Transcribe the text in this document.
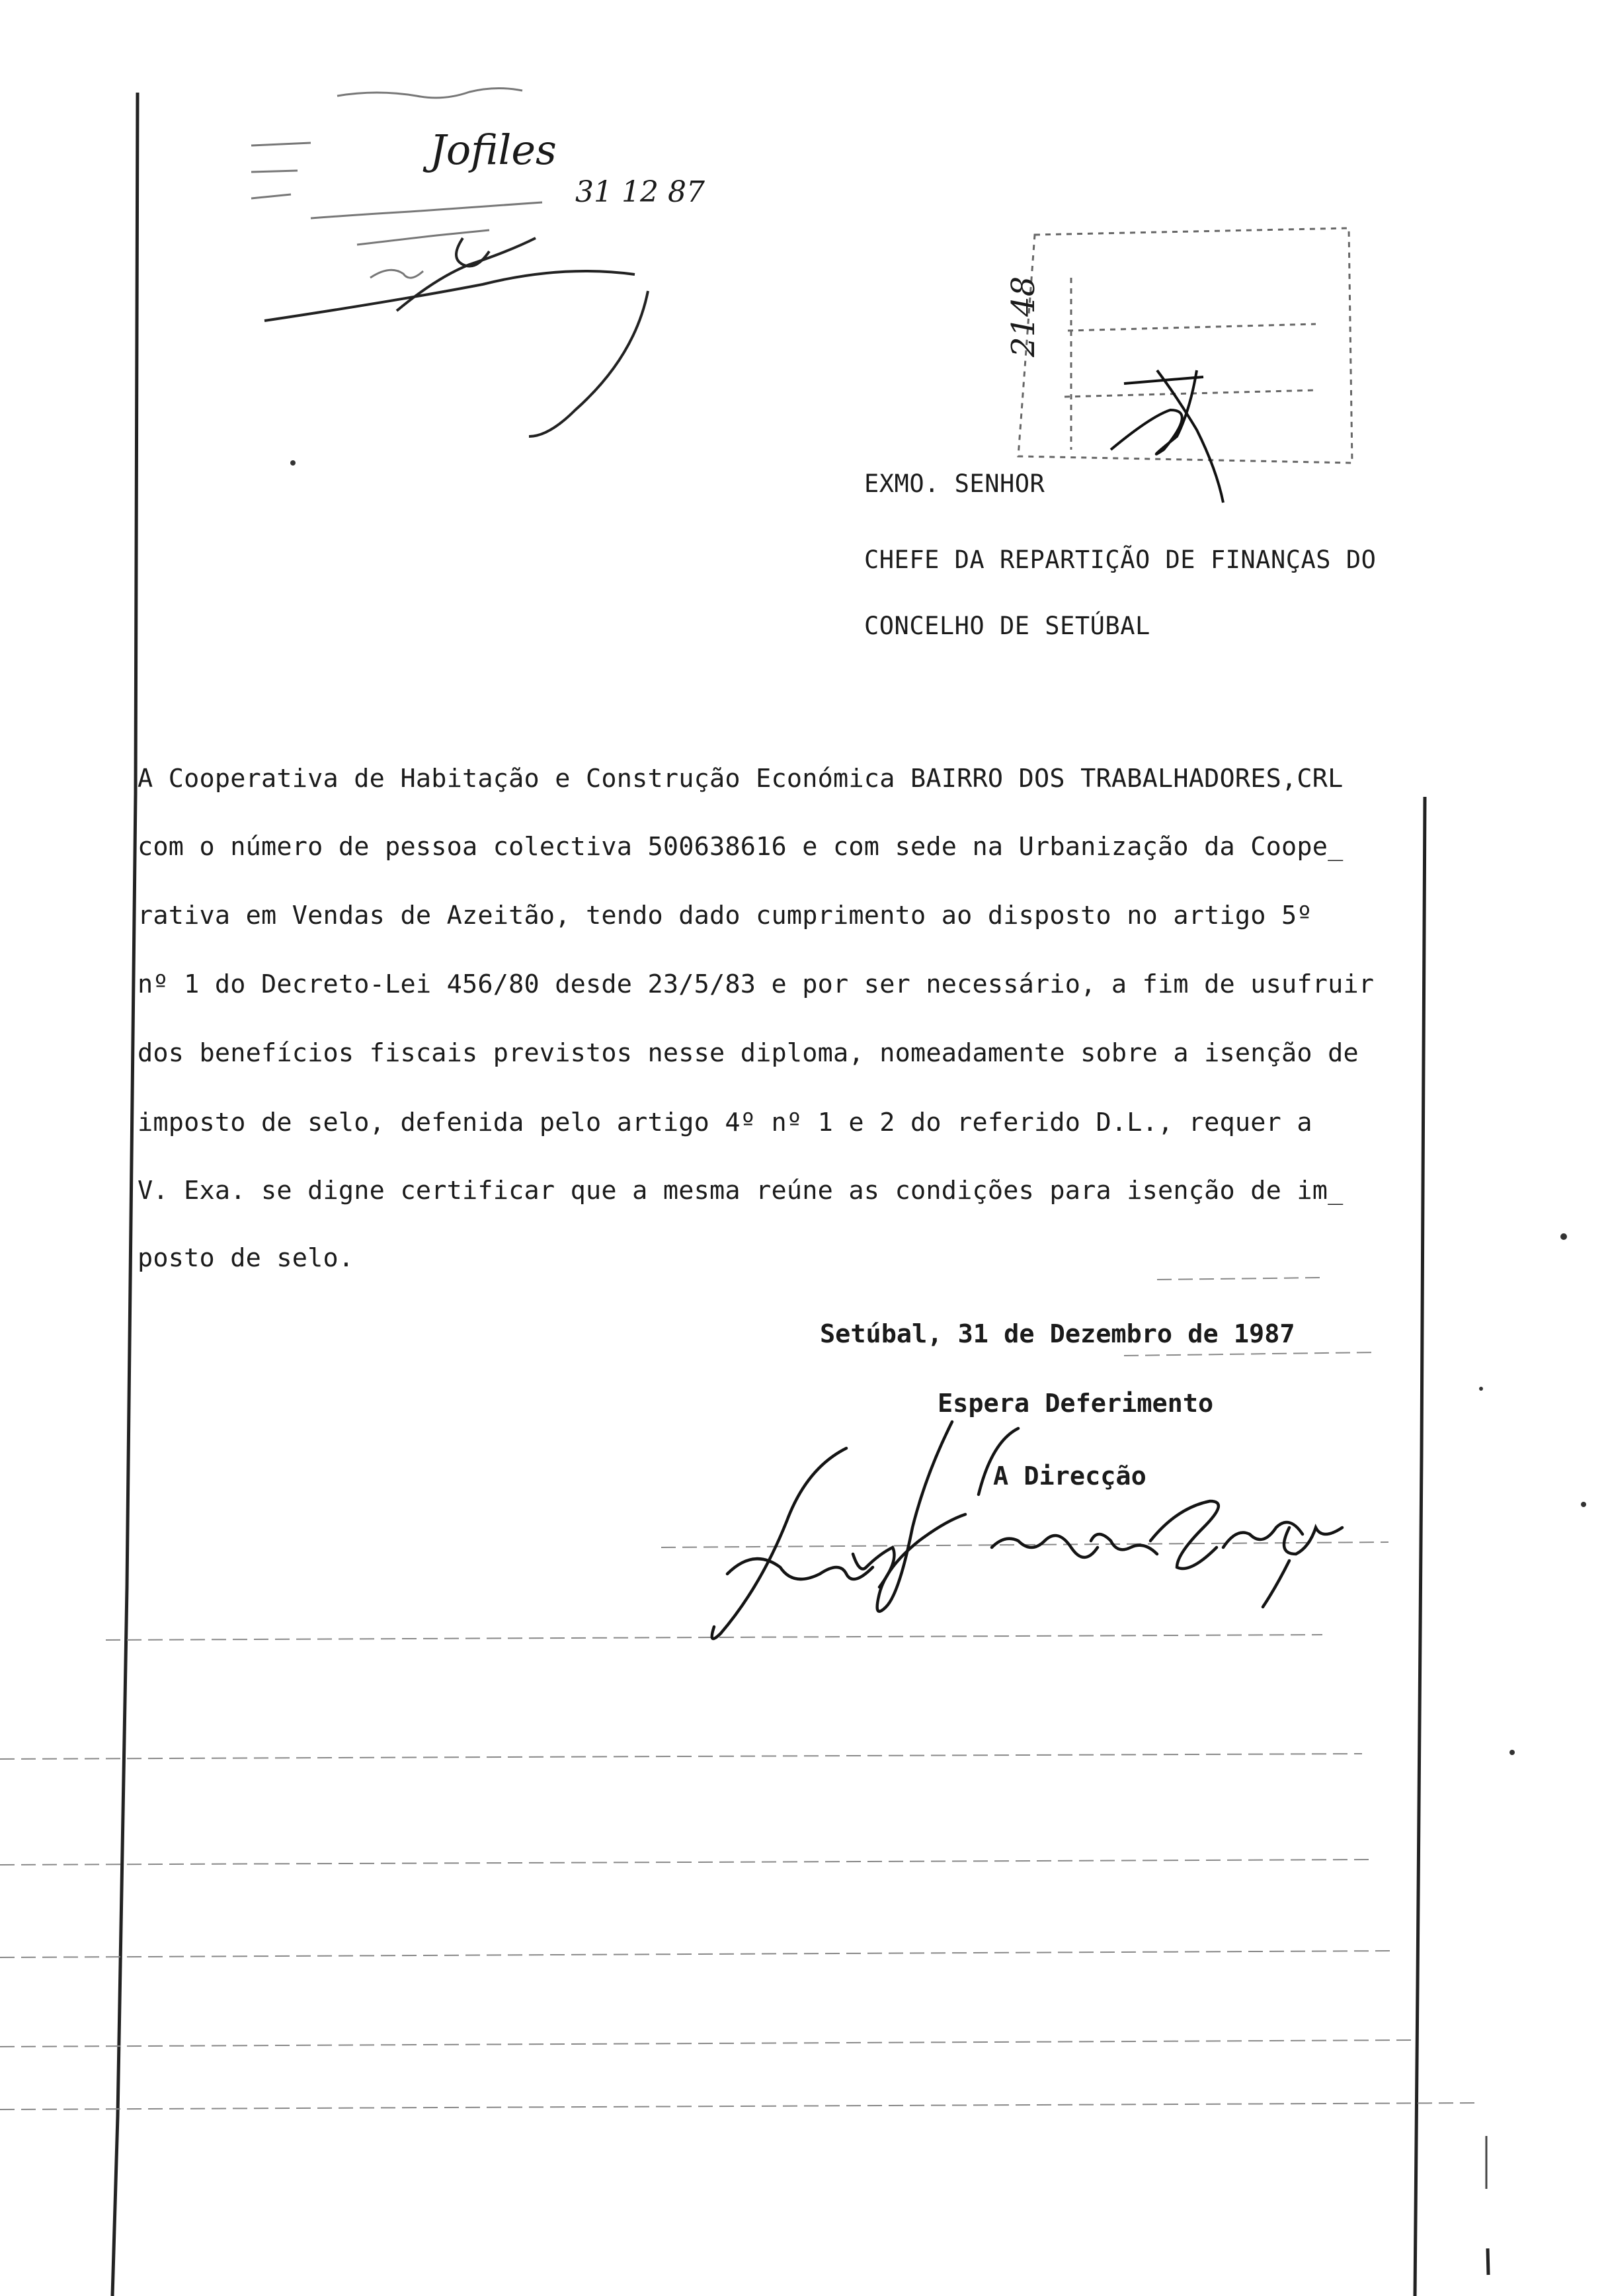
Jofiles
31 12 87
2148

EXMO. SENHOR

CHEFE DA REPARTIÇÃO DE FINANÇAS DO

CONCELHO DE SETÚBAL

A Cooperativa de Habitação e Construção Económica BAIRRO DOS TRABALHADORES,CRL

com o número de pessoa colectiva 500638616 e com sede na Urbanização da Coope_

rativa em Vendas de Azeitão, tendo dado cumprimento ao disposto no artigo 5º

nº 1 do Decreto-Lei 456/80 desde 23/5/83 e por ser necessário, a fim de usufruir

dos benefícios fiscais previstos nesse diploma, nomeadamente sobre a isenção de

imposto de selo, defenida pelo artigo 4º nº 1 e 2 do referido D.L., requer a

V. Exa. se digne certificar que a mesma reúne as condições para isenção de im_

posto de selo.

Setúbal, 31 de Dezembro de 1987

Espera Deferimento

A Direcção
